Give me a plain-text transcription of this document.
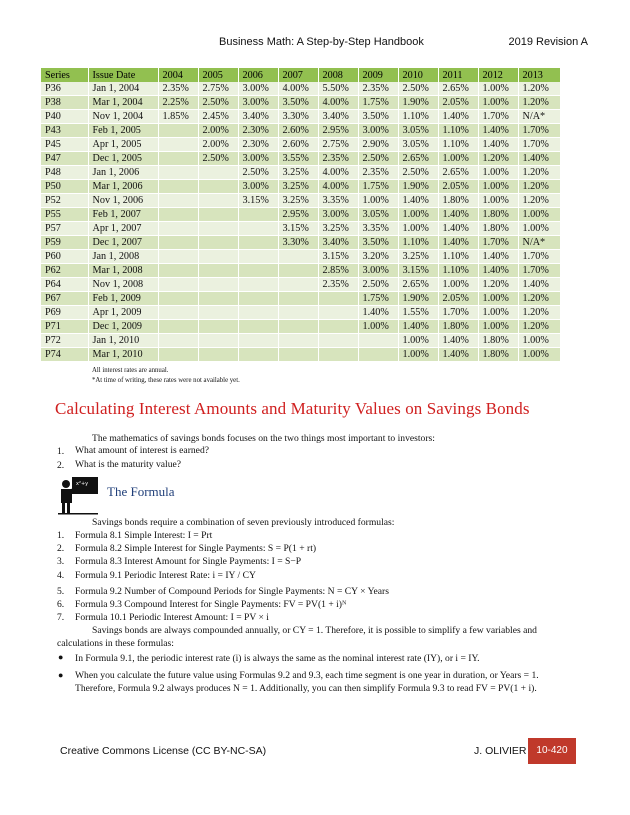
Business Math: A Step-by-Step Handbook	2019 Revision A
Series	Issue Date	2004	2005	2006	2007	2008	2009	2010	2011	2012	2013
P36	Jan 1, 2004	2.35%	2.75%	3.00%	4.00%	5.50%	2.35%	2.50%	2.65%	1.00%	1.20%
P38	Mar 1, 2004	2.25%	2.50%	3.00%	3.50%	4.00%	1.75%	1.90%	2.05%	1.00%	1.20%
P40	Nov 1, 2004	1.85%	2.45%	3.40%	3.30%	3.40%	3.50%	1.10%	1.40%	1.70%	N/A*
P43	Feb 1, 2005		2.00%	2.30%	2.60%	2.95%	3.00%	3.05%	1.10%	1.40%	1.70%
P45	Apr 1, 2005		2.00%	2.30%	2.60%	2.75%	2.90%	3.05%	1.10%	1.40%	1.70%
P47	Dec 1, 2005		2.50%	3.00%	3.55%	2.35%	2.50%	2.65%	1.00%	1.20%	1.40%
P48	Jan 1, 2006			2.50%	3.25%	4.00%	2.35%	2.50%	2.65%	1.00%	1.20%
P50	Mar 1, 2006			3.00%	3.25%	4.00%	1.75%	1.90%	2.05%	1.00%	1.20%
P52	Nov 1, 2006			3.15%	3.25%	3.35%	1.00%	1.40%	1.80%	1.00%	1.20%
P55	Feb 1, 2007				2.95%	3.00%	3.05%	1.00%	1.40%	1.80%	1.00%
P57	Apr 1, 2007				3.15%	3.25%	3.35%	1.00%	1.40%	1.80%	1.00%
P59	Dec 1, 2007				3.30%	3.40%	3.50%	1.10%	1.40%	1.70%	N/A*
P60	Jan 1, 2008					3.15%	3.20%	3.25%	1.10%	1.40%	1.70%
P62	Mar 1, 2008					2.85%	3.00%	3.15%	1.10%	1.40%	1.70%
P64	Nov 1, 2008					2.35%	2.50%	2.65%	1.00%	1.20%	1.40%
P67	Feb 1, 2009						1.75%	1.90%	2.05%	1.00%	1.20%
P69	Apr 1, 2009						1.40%	1.55%	1.70%	1.00%	1.20%
P71	Dec 1, 2009						1.00%	1.40%	1.80%	1.00%	1.20%
P72	Jan 1, 2010							1.00%	1.40%	1.80%	1.00%
P74	Mar 1, 2010							1.00%	1.40%	1.80%	1.00%
All interest rates are annual.
*At time of writing, these rates were not available yet.
Calculating Interest Amounts and Maturity Values on Savings Bonds
The mathematics of savings bonds focuses on the two things most important to investors:
1. What amount of interest is earned?
2. What is the maturity value?
x²+y The Formula
Savings bonds require a combination of seven previously introduced formulas:
1. Formula 8.1 Simple Interest: I = Prt
2. Formula 8.2 Simple Interest for Single Payments: S = P(1 + rt)
3. Formula 8.3 Interest Amount for Single Payments: I = S−P
4. Formula 9.1 Periodic Interest Rate: i = IY / CY
5. Formula 9.2 Number of Compound Periods for Single Payments: N = CY × Years
6. Formula 9.3 Compound Interest for Single Payments: FV = PV(1 + i)ᴺ
7. Formula 10.1 Periodic Interest Amount: I = PV × i
Savings bonds are always compounded annually, or CY = 1. Therefore, it is possible to simplify a few variables and calculations in these formulas:
● In Formula 9.1, the periodic interest rate (i) is always the same as the nominal interest rate (IY), or i = IY.
● When you calculate the future value using Formulas 9.2 and 9.3, each time segment is one year in duration, or Years = 1. Therefore, Formula 9.2 always produces N = 1. Additionally, you can then simplify Formula 9.3 to read FV = PV(1 + i).
Creative Commons License (CC BY-NC-SA)	J. OLIVIER 10-420
